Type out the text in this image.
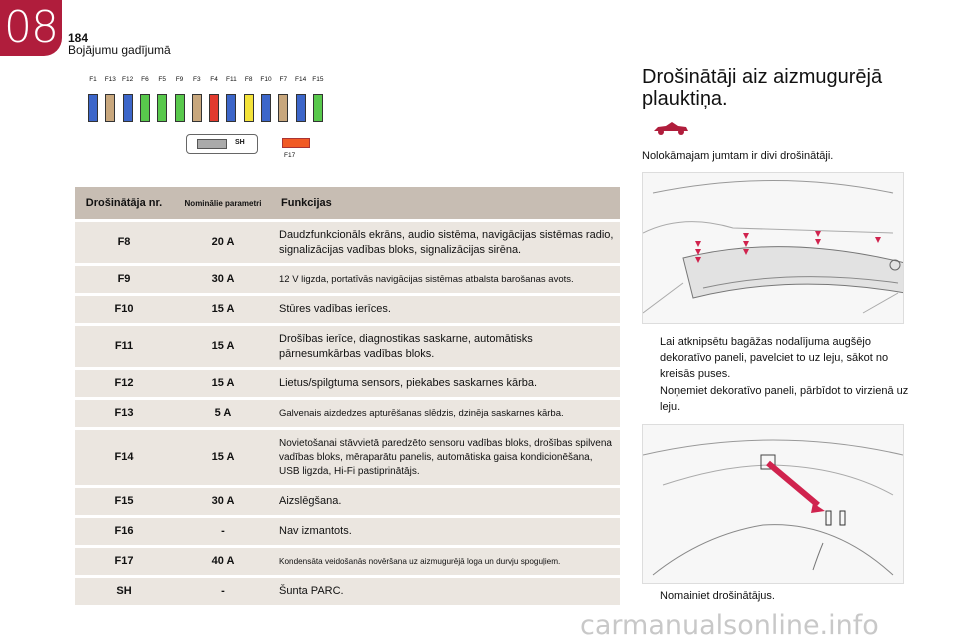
08 184
Bojājumu gadījumā
F1	F13 F12	F6	F5	F9	F3	F4	F11	F8	F10	F7	F14 F15
SH
F17
Drošinātāja nr.	Nominālie parametri	Funkcijas
F8	20 A	Daudzfunkcionāls ekrāns, audio sistēma, navigācijas sistēmas radio, signalizācijas vadības bloks, signalizācijas sirēna.
F9	30 A	12 V ligzda, portatīvās navigācijas sistēmas atbalsta barošanas avots.
F10	15 A	Stūres vadības ierīces.
F11	15 A	Drošības ierīce, diagnostikas saskarne, automātisks pārnesumkārbas vadības bloks.
F12	15 A	Lietus/spilgtuma sensors, piekabes saskarnes kārba.
F13	5 A	Galvenais aizdedzes apturēšanas slēdzis, dzinēja saskarnes kārba.
F14	15 A	Novietošanai stāvvietā paredzēto sensoru vadības bloks, drošības spilvena vadības bloks, mēraparātu panelis, automātiska gaisa kondicionēšana, USB ligzda, Hi-Fi pastiprinātājs.
F15	30 A	Aizslēgšana.
F16	-	Nav izmantots.
F17	40 A	Kondensāta veidošanās novēršana uz aizmugurējā loga un durvju spoguļiem.
SH	-	Šunta PARC.
Drošinātāji aiz aizmugurējā
plauktiņa.
Nolokāmajam jumtam ir divi drošinātāji.
Lai atknipsētu bagāžas nodalījuma augšējo dekoratīvo paneli, pavelciet to uz leju, sākot no kreisās puses.
Noņemiet dekoratīvo paneli, pārbīdot to virzienā uz leju.
Nomainiet drošinātājus.
carmanualsonline.info
